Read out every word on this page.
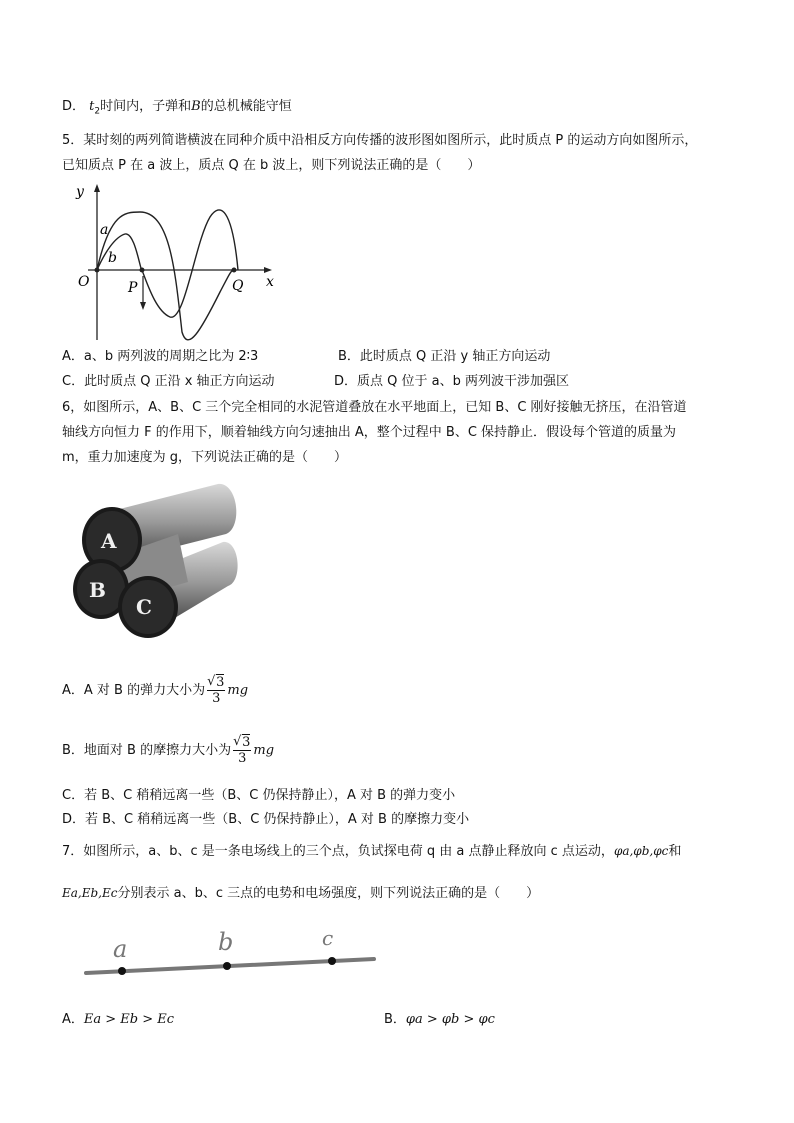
D． $t_2$时间内，子弹和B的总机械能守恒
5．某时刻的两列简谐横波在同种介质中沿相反方向传播的波形图如图所示，此时质点 P 的运动方向如图所示，
已知质点 P 在 a 波上，质点 Q 在 b 波上，则下列说法正确的是（　　）
y
x
O
a
b
P	Q
A．a、b 两列波的周期之比为 2∶3	B．此时质点 Q 正沿 y 轴正方向运动
C．此时质点 Q 正沿 x 轴正方向运动	D．质点 Q 位于 a、b 两列波干涉加强区
6，如图所示，A、B、C 三个完全相同的水泥管道叠放在水平地面上，已知 B、C 刚好接触无挤压，在沿管道
轴线方向恒力 F 的作用下，顺着轴线方向匀速抽出 A，整个过程中 B、C 保持静止．假设每个管道的质量为
m，重力加速度为 g，下列说法正确的是（　　）
A
B
C
A．A 对 B 的弹力大小为 √ $\frac{3}{3}$ mg
B．地面对 B 的摩擦力大小为 √ $\frac{3}{3}$ mg
C．若 B、C 稍稍远离一些（B、C 仍保持静止），A 对 B 的弹力变小
D．若 B、C 稍稍远离一些（B、C 仍保持静止），A 对 B 的摩擦力变小
7．如图所示，a、b、c 是一条电场线上的三个点，负试探电荷 q 由 a 点静止释放向 c 点运动，φa,φb,φc和
Ea,Eb,Ec分别表示 a、b、c 三点的电势和电场强度，则下列说法正确的是（　　）
a	b	c
A．Ea > Eb > Ec	B．φa > φb > φc
